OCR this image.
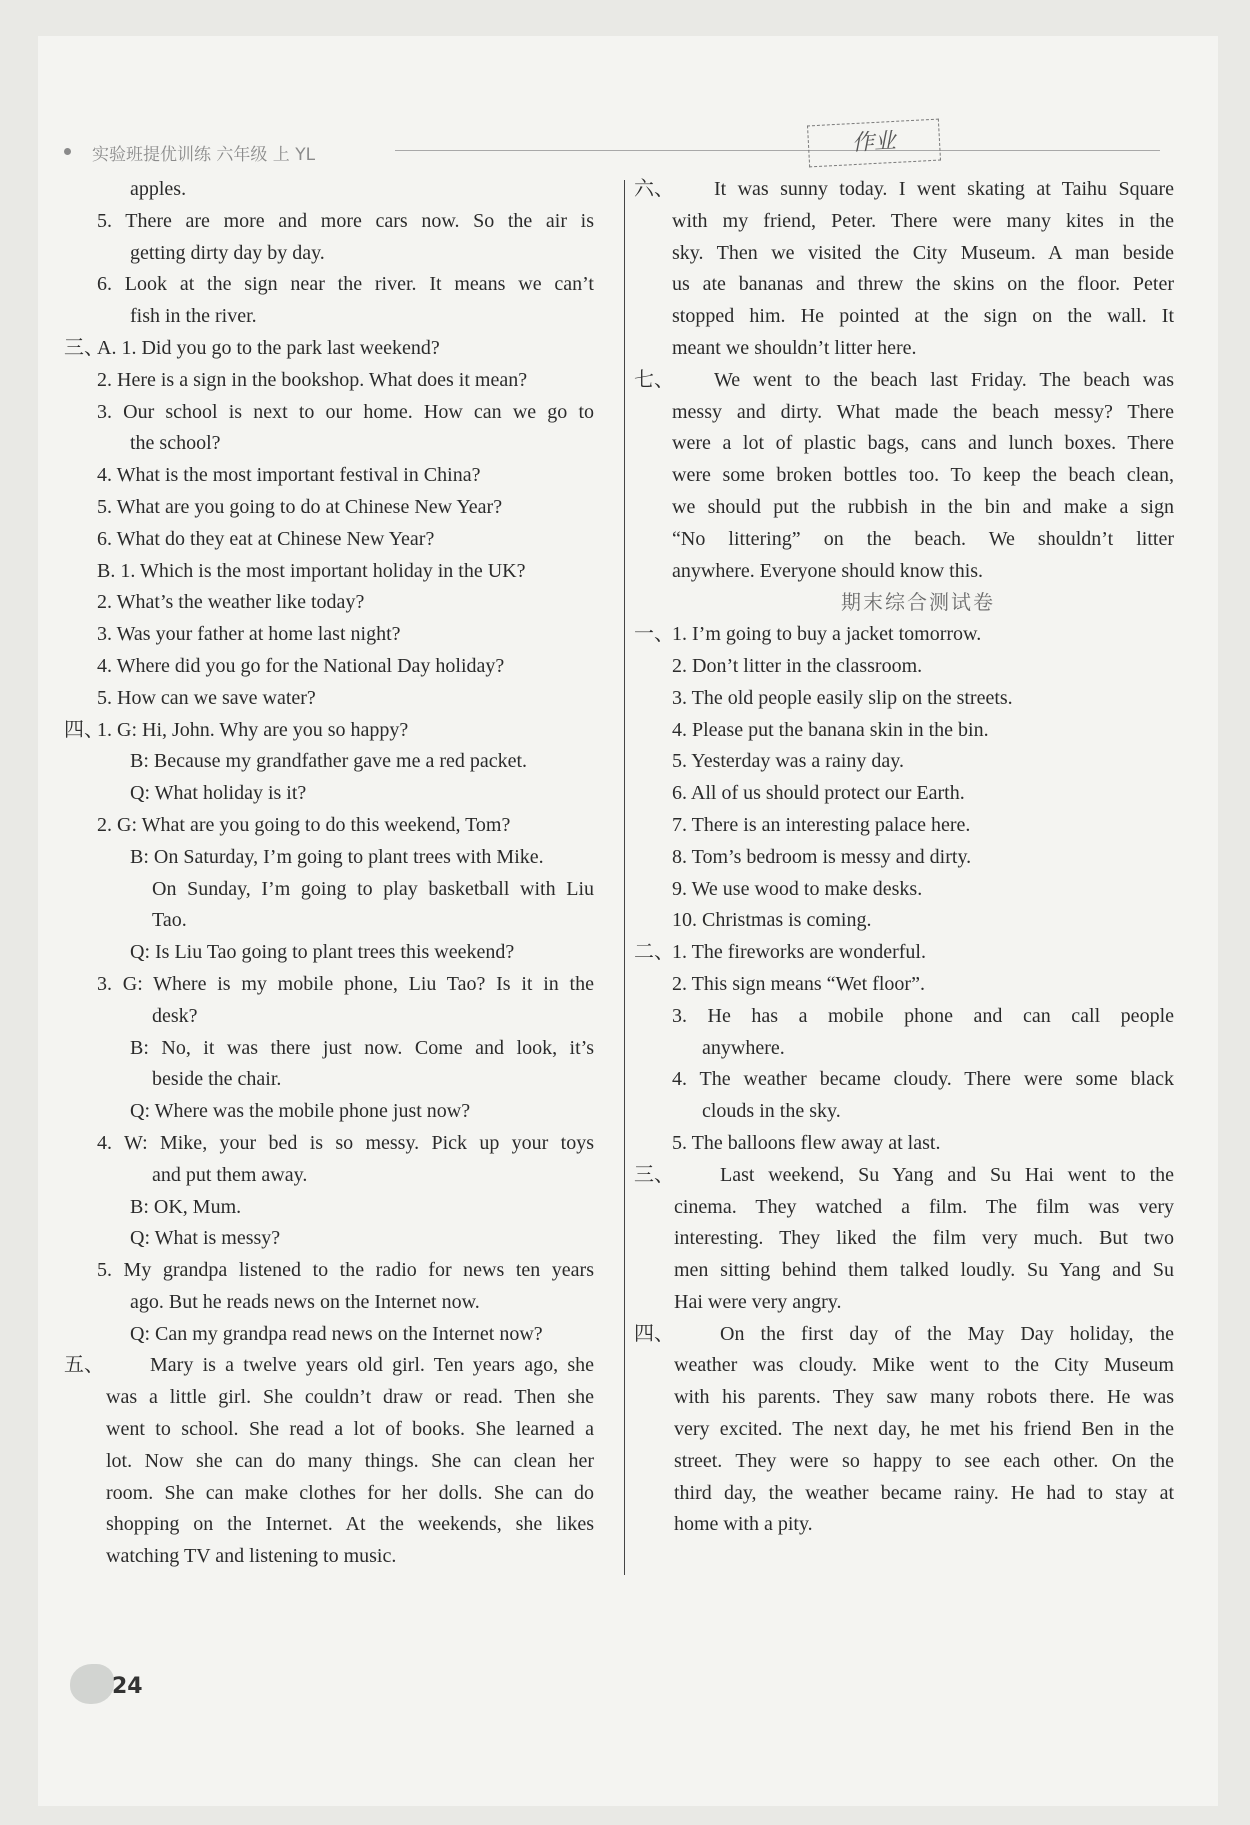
实验班提优训练 六年级 上 YL	作业
apples.
5. There are more and more cars now. So the air is
getting dirty day by day.
6. Look at the sign near the river. It means we can’t
fish in the river.
三、
A. 1. Did you go to the park last weekend?
2. Here is a sign in the bookshop. What does it mean?
3. Our school is next to our home. How can we go to
the school?
4. What is the most important festival in China?
5. What are you going to do at Chinese New Year?
6. What do they eat at Chinese New Year?
B. 1. Which is the most important holiday in the UK?
2. What’s the weather like today?
3. Was your father at home last night?
4. Where did you go for the National Day holiday?
5. How can we save water?
四、
1. G: Hi, John. Why are you so happy?
B: Because my grandfather gave me a red packet.
Q: What holiday is it?
2. G: What are you going to do this weekend, Tom?
B: On Saturday, I’m going to plant trees with Mike.
On Sunday, I’m going to play basketball with Liu
Tao.
Q: Is Liu Tao going to plant trees this weekend?
3. G: Where is my mobile phone, Liu Tao? Is it in the
desk?
B: No, it was there just now. Come and look, it’s
beside the chair.
Q: Where was the mobile phone just now?
4. W: Mike, your bed is so messy. Pick up your toys
and put them away.
B: OK, Mum.
Q: What is messy?
5. My grandpa listened to the radio for news ten years
ago. But he reads news on the Internet now.
Q: Can my grandpa read news on the Internet now?
五、 Mary is a twelve years old girl. Ten years ago, she
was a little girl. She couldn’t draw or read. Then she
went to school. She read a lot of books. She learned a
lot. Now she can do many things. She can clean her
room. She can make clothes for her dolls. She can do
shopping on the Internet. At the weekends, she likes
watching TV and listening to music.
六、 It was sunny today. I went skating at Taihu Square
with my friend, Peter. There were many kites in the
sky. Then we visited the City Museum. A man beside
us ate bananas and threw the skins on the floor. Peter
stopped him. He pointed at the sign on the wall. It
meant we shouldn’t litter here.
七、 We went to the beach last Friday. The beach was
messy and dirty. What made the beach messy? There
were a lot of plastic bags, cans and lunch boxes. There
were some broken bottles too. To keep the beach clean,
we should put the rubbish in the bin and make a sign
“No littering” on the beach. We shouldn’t litter
anywhere. Everyone should know this.
期末综合测试卷
一、
1. I’m going to buy a jacket tomorrow.
2. Don’t litter in the classroom.
3. The old people easily slip on the streets.
4. Please put the banana skin in the bin.
5. Yesterday was a rainy day.
6. All of us should protect our Earth.
7. There is an interesting palace here.
8. Tom’s bedroom is messy and dirty.
9. We use wood to make desks.
10. Christmas is coming.
二、
1. The fireworks are wonderful.
2. This sign means “Wet floor”.
3. He has a mobile phone and can call people
anywhere.
4. The weather became cloudy. There were some black
clouds in the sky.
5. The balloons flew away at last.
三、 Last weekend, Su Yang and Su Hai went to the
cinema. They watched a film. The film was very
interesting. They liked the film very much. But two
men sitting behind them talked loudly. Su Yang and Su
Hai were very angry.
四、 On the first day of the May Day holiday, the
weather was cloudy. Mike went to the City Museum
with his parents. They saw many robots there. He was
very excited. The next day, he met his friend Ben in the
street. They were so happy to see each other. On the
third day, the weather became rainy. He had to stay at
home with a pity.
24
